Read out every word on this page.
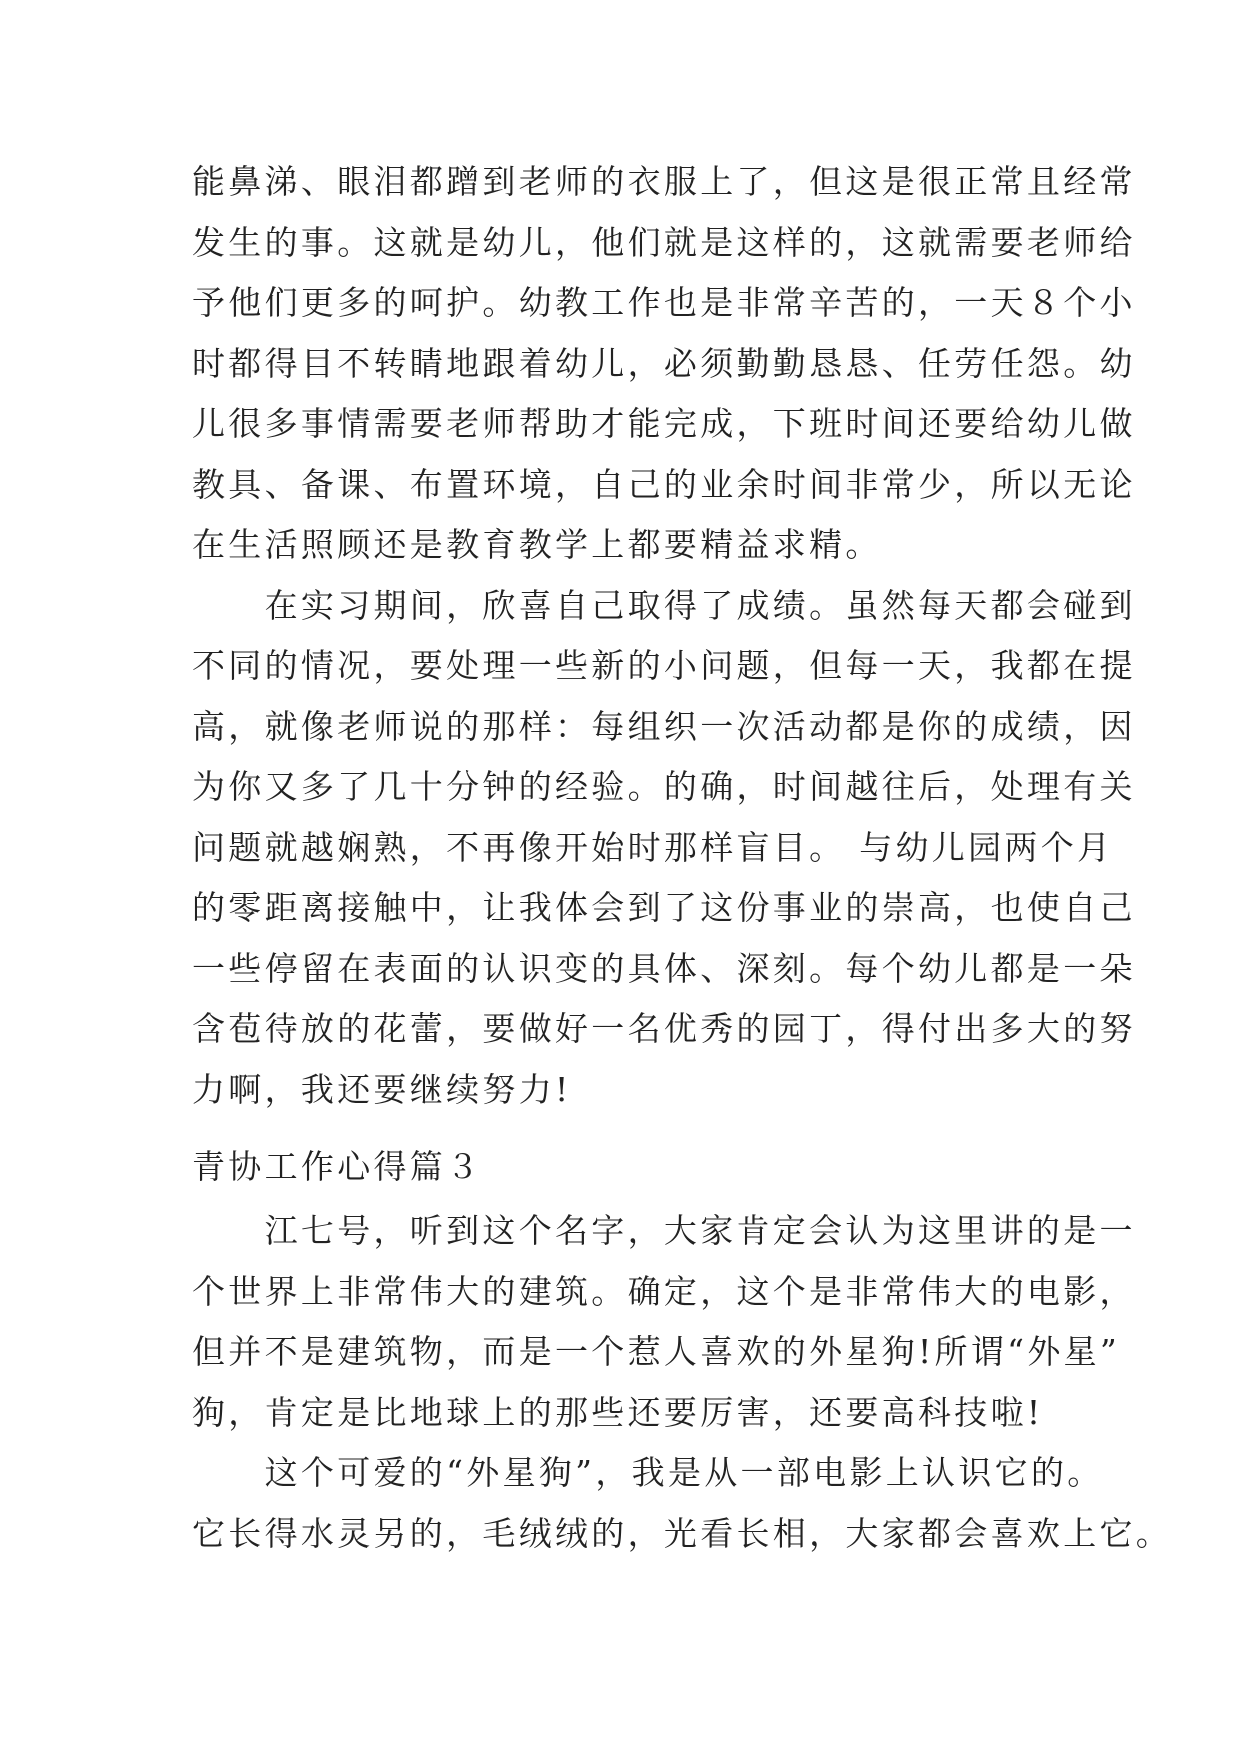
能鼻涕、眼泪都蹭到老师的衣服上了，但这是很正常且经常
发生的事。这就是幼儿，他们就是这样的，这就需要老师给
予他们更多的呵护。幼教工作也是非常辛苦的，一天８个小
时都得目不转睛地跟着幼儿，必须勤勤恳恳、任劳任怨。幼
儿很多事情需要老师帮助才能完成，下班时间还要给幼儿做
教具、备课、布置环境，自己的业余时间非常少，所以无论
在生活照顾还是教育教学上都要精益求精。
　　在实习期间，欣喜自己取得了成绩。虽然每天都会碰到
不同的情况，要处理一些新的小问题，但每一天，我都在提
高，就像老师说的那样：每组织一次活动都是你的成绩，因
为你又多了几十分钟的经验。的确，时间越往后，处理有关
问题就越娴熟，不再像开始时那样盲目。 与幼儿园两个月
的零距离接触中，让我体会到了这份事业的崇高，也使自己
一些停留在表面的认识变的具体、深刻。每个幼儿都是一朵
含苞待放的花蕾，要做好一名优秀的园丁，得付出多大的努
力啊，我还要继续努力!
青协工作心得篇３
　　江七号，听到这个名字，大家肯定会认为这里讲的是一
个世界上非常伟大的建筑。确定，这个是非常伟大的电影，
但并不是建筑物，而是一个惹人喜欢的外星狗!所谓“外星”
狗，肯定是比地球上的那些还要厉害，还要高科技啦!
　　这个可爱的“外星狗”，我是从一部电影上认识它的。
它长得水灵另的，毛绒绒的，光看长相，大家都会喜欢上它。
